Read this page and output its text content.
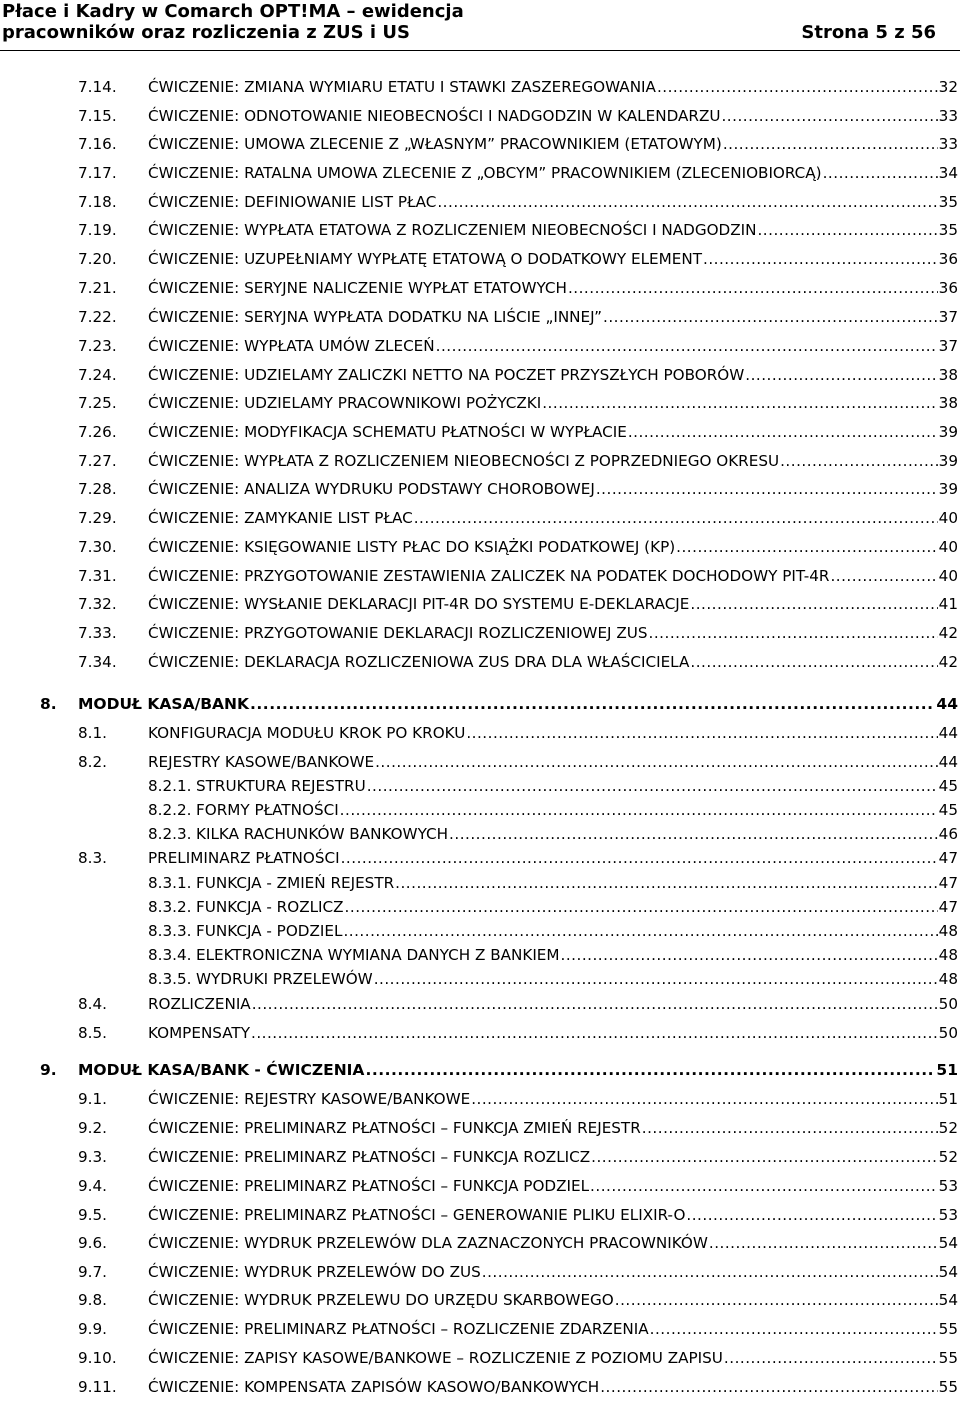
Płace i Kadry w Comarch OPT!MA – ewidencja
pracowników oraz rozliczenia z ZUS i US	Strona 5 z 56
7.14.	ĆWICZENIE: ZMIANA WYMIARU ETATU I STAWKI ZASZEREGOWANIA .....	32
7.15.	ĆWICZENIE: ODNOTOWANIE NIEOBECNOŚCI I NADGODZIN W KALENDARZU .....	33
7.16.	ĆWICZENIE: UMOWA ZLECENIE Z „WŁASNYM” PRACOWNIKIEM (ETATOWYM) .....	33
7.17.	ĆWICZENIE: RATALNA UMOWA ZLECENIE Z „OBCYM” PRACOWNIKIEM (ZLECENIOBIORCĄ) .....	34
7.18.	ĆWICZENIE: DEFINIOWANIE LIST PŁAC .....	35
7.19.	ĆWICZENIE: WYPŁATA ETATOWA Z ROZLICZENIEM NIEOBECNOŚCI I NADGODZIN .....	35
7.20.	ĆWICZENIE: UZUPEŁNIAMY WYPŁATĘ ETATOWĄ O DODATKOWY ELEMENT .....	36
7.21.	ĆWICZENIE: SERYJNE NALICZENIE WYPŁAT ETATOWYCH .....	36
7.22.	ĆWICZENIE: SERYJNA WYPŁATA DODATKU NA LIŚCIE „INNEJ” .....	37
7.23.	ĆWICZENIE: WYPŁATA UMÓW ZLECEŃ .....	37
7.24.	ĆWICZENIE: UDZIELAMY ZALICZKI NETTO NA POCZET PRZYSZŁYCH POBORÓW .....	38
7.25.	ĆWICZENIE: UDZIELAMY PRACOWNIKOWI POŻYCZKI .....	38
7.26.	ĆWICZENIE: MODYFIKACJA SCHEMATU PŁATNOŚCI W WYPŁACIE .....	39
7.27.	ĆWICZENIE: WYPŁATA Z ROZLICZENIEM NIEOBECNOŚCI Z POPRZEDNIEGO OKRESU .....	39
7.28.	ĆWICZENIE: ANALIZA WYDRUKU PODSTAWY CHOROBOWEJ .....	39
7.29.	ĆWICZENIE: ZAMYKANIE LIST PŁAC .....	40
7.30.	ĆWICZENIE: KSIĘGOWANIE LISTY PŁAC DO KSIĄŻKI PODATKOWEJ (KP) .....	40
7.31.	ĆWICZENIE: PRZYGOTOWANIE ZESTAWIENIA ZALICZEK NA PODATEK DOCHODOWY PIT-4R .....	40
7.32.	ĆWICZENIE: WYSŁANIE DEKLARACJI PIT-4R DO SYSTEMU E-DEKLARACJE .....	41
7.33.	ĆWICZENIE: PRZYGOTOWANIE DEKLARACJI ROZLICZENIOWEJ ZUS .....	42
7.34.	ĆWICZENIE: DEKLARACJA ROZLICZENIOWA ZUS DRA DLA WŁAŚCICIELA .....	42
8.	MODUŁ KASA/BANK .....	44
8.1.	KONFIGURACJA MODUŁU KROK PO KROKU .....	44
8.2.	REJESTRY KASOWE/BANKOWE .....	44
8.2.1. STRUKTURA REJESTRU .....	45
8.2.2. FORMY PŁATNOŚCI .....	45
8.2.3. KILKA RACHUNKÓW BANKOWYCH .....	46
8.3.	PRELIMINARZ PŁATNOŚCI .....	47
8.3.1. FUNKCJA - ZMIEŃ REJESTR .....	47
8.3.2. FUNKCJA - ROZLICZ .....	47
8.3.3. FUNKCJA - PODZIEL .....	48
8.3.4. ELEKTRONICZNA WYMIANA DANYCH Z BANKIEM .....	48
8.3.5. WYDRUKI PRZELEWÓW .....	48
8.4.	ROZLICZENIA .....	50
8.5.	KOMPENSATY .....	50
9.	MODUŁ KASA/BANK - ĆWICZENIA .....	51
9.1.	ĆWICZENIE: REJESTRY KASOWE/BANKOWE .....	51
9.2.	ĆWICZENIE: PRELIMINARZ PŁATNOŚCI – FUNKCJA ZMIEŃ REJESTR .....	52
9.3.	ĆWICZENIE: PRELIMINARZ PŁATNOŚCI – FUNKCJA ROZLICZ .....	52
9.4.	ĆWICZENIE: PRELIMINARZ PŁATNOŚCI – FUNKCJA PODZIEL .....	53
9.5.	ĆWICZENIE: PRELIMINARZ PŁATNOŚCI – GENEROWANIE PLIKU ELIXIR-O .....	53
9.6.	ĆWICZENIE: WYDRUK PRZELEWÓW DLA ZAZNACZONYCH PRACOWNIKÓW .....	54
9.7.	ĆWICZENIE: WYDRUK PRZELEWÓW DO ZUS .....	54
9.8.	ĆWICZENIE: WYDRUK PRZELEWU DO URZĘDU SKARBOWEGO .....	54
9.9.	ĆWICZENIE: PRELIMINARZ PŁATNOŚCI – ROZLICZENIE ZDARZENIA .....	55
9.10.	ĆWICZENIE: ZAPISY KASOWE/BANKOWE – ROZLICZENIE Z POZIOMU ZAPISU .....	55
9.11.	ĆWICZENIE: KOMPENSATA ZAPISÓW KASOWO/BANKOWYCH .....	55
